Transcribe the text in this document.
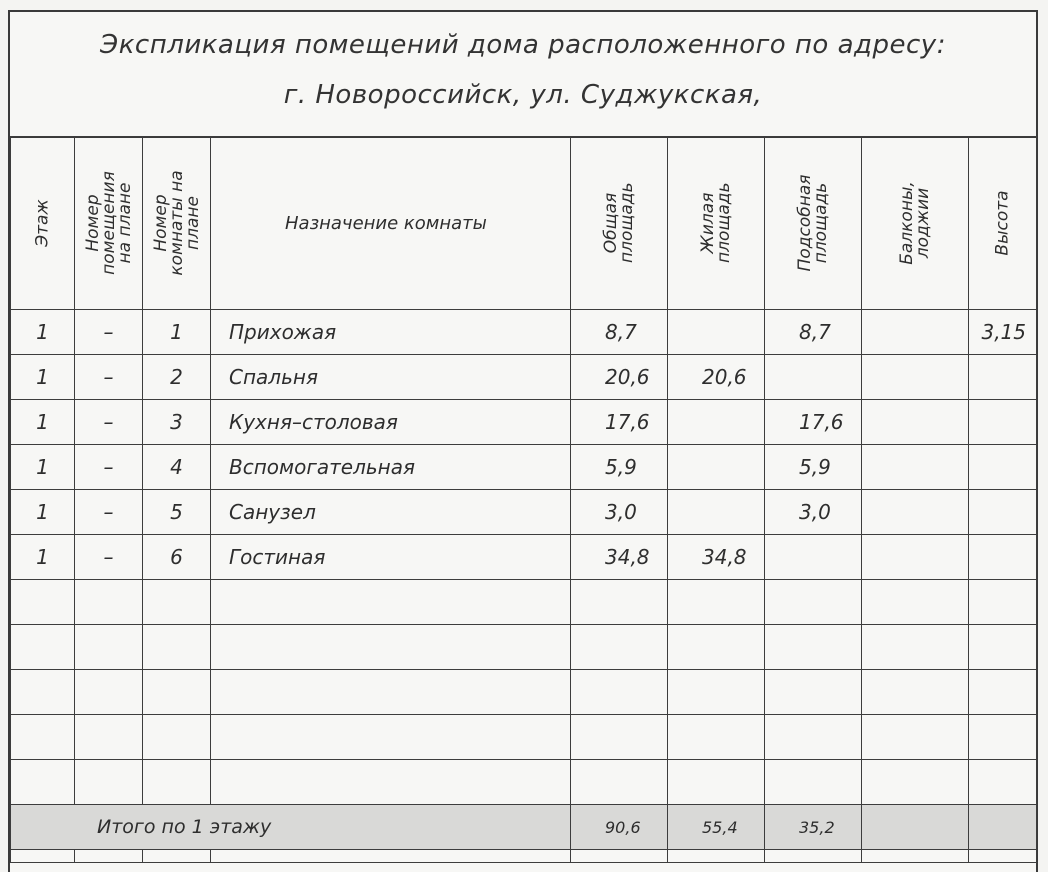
Экспликация помещений дома расположенного по адресу:
г. Новороссийск, ул. Суджукская,
Этаж	Номер помещения на плане	Номер комнаты на плане	Назначение комнаты	Общая площадь	Жилая площадь	Подсобная площадь	Балконы, лоджии	Высота

1	–	1	Прихожая	8,7		8,7		3,15
1	–	2	Спальня	20,6	20,6			
1	–	3	Кухня–столовая	17,6		17,6		
1	–	4	Вспомогательная	5,9		5,9		
1	–	5	Санузел	3,0		3,0		
1	–	6	Гостиная	34,8	34,8			

Итого по 1 этажу				90,6	55,4	35,2		
